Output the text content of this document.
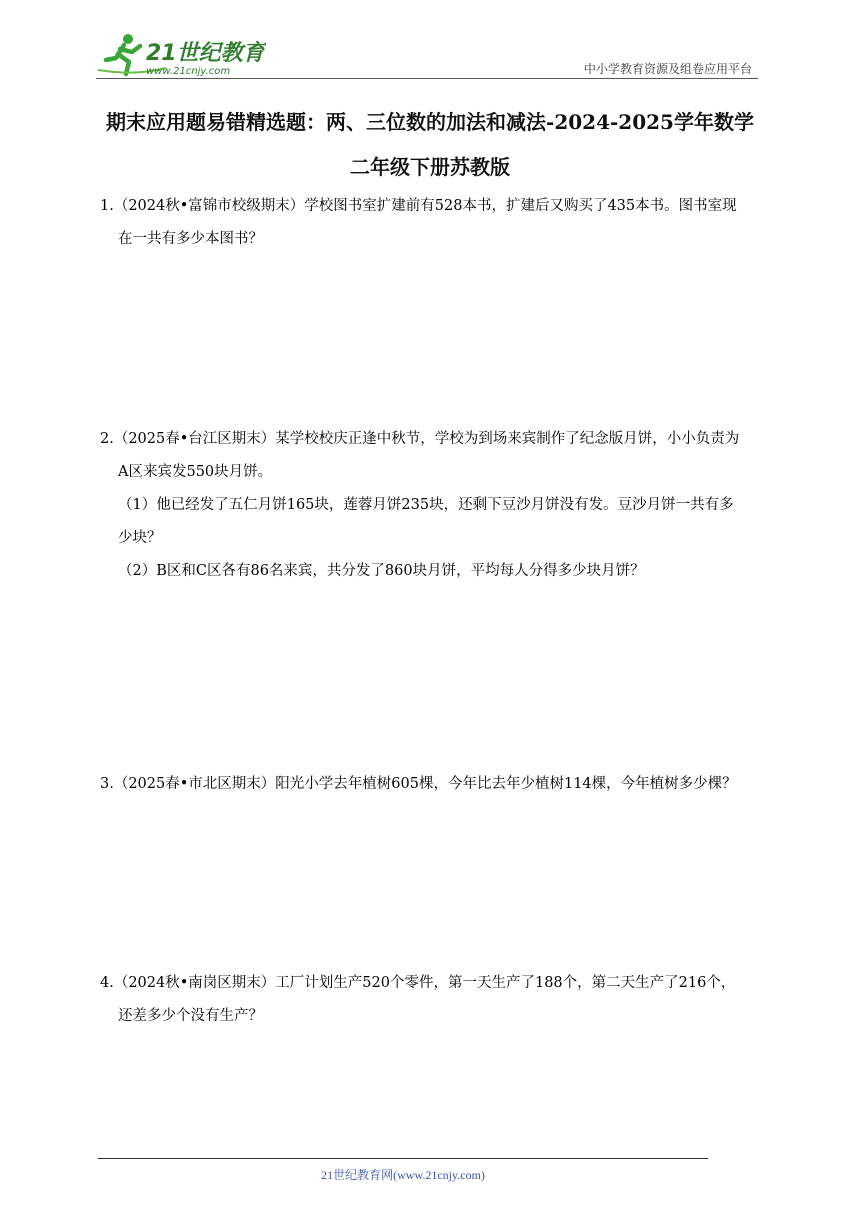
21世纪教育
www.21cnjy.com	中小学教育资源及组卷应用平台
期末应用题易错精选题：两、三位数的加法和减法-2024-2025学年数学
二年级下册苏教版
1.（2024秋•富锦市校级期末）学校图书室扩建前有528本书，扩建后又购买了435本书。图书室现
在一共有多少本图书？
2.（2025春•台江区期末）某学校校庆正逢中秋节，学校为到场来宾制作了纪念版月饼，小小负责为
A区来宾发550块月饼。
（1）他已经发了五仁月饼165块，莲蓉月饼235块，还剩下豆沙月饼没有发。豆沙月饼一共有多
少块？
（2）B区和C区各有86名来宾，共分发了860块月饼，平均每人分得多少块月饼？
3.（2025春•市北区期末）阳光小学去年植树605棵，今年比去年少植树114棵，今年植树多少棵？
4.（2024秋•南岗区期末）工厂计划生产520个零件，第一天生产了188个，第二天生产了216个，
还差多少个没有生产？
21世纪教育网(www.21cnjy.com)
